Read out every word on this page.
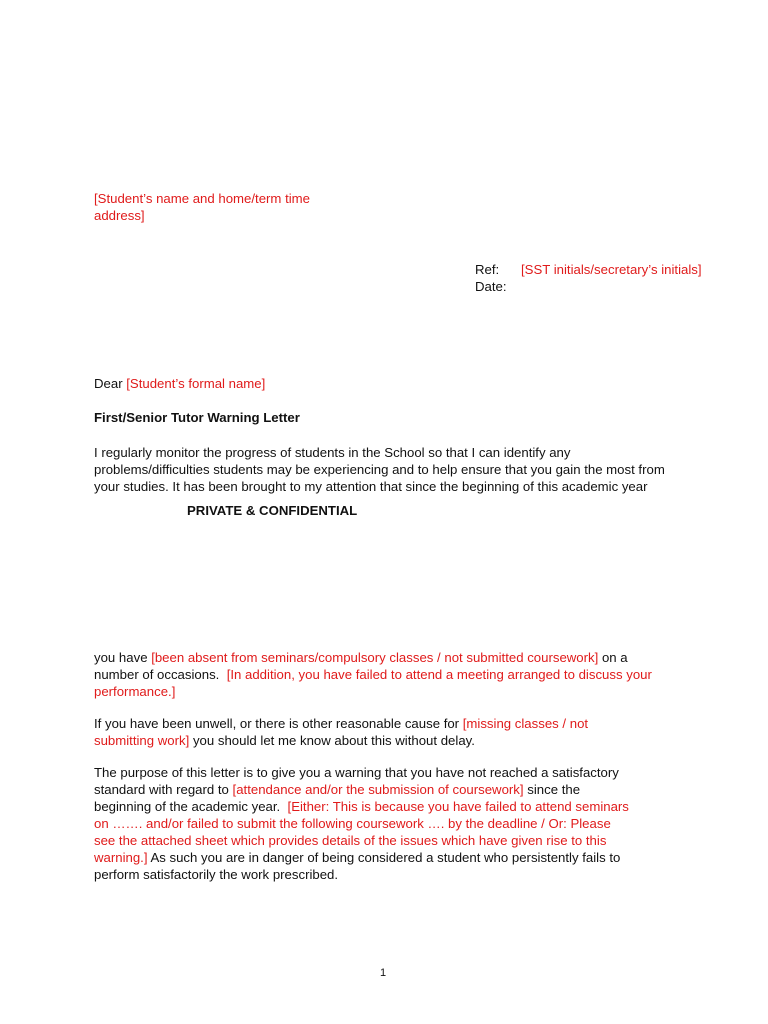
[Student’s name and home/term time
address]
Ref: [SST initials/secretary’s initials]
Date:
Dear [Student’s formal name]
First/Senior Tutor Warning Letter
I regularly monitor the progress of students in the School so that I can identify any
problems/difficulties students may be experiencing and to help ensure that you gain the most from
your studies. It has been brought to my attention that since the beginning of this academic year
PRIVATE & CONFIDENTIAL
you have [been absent from seminars/compulsory classes / not submitted coursework] on a
number of occasions.  [In addition, you have failed to attend a meeting arranged to discuss your
performance.]
If you have been unwell, or there is other reasonable cause for [missing classes / not
submitting work] you should let me know about this without delay.
The purpose of this letter is to give you a warning that you have not reached a satisfactory
standard with regard to [attendance and/or the submission of coursework] since the
beginning of the academic year.  [Either: This is because you have failed to attend seminars
on ……. and/or failed to submit the following coursework …. by the deadline / Or: Please
see the attached sheet which provides details of the issues which have given rise to this
warning.] As such you are in danger of being considered a student who persistently fails to
perform satisfactorily the work prescribed.
1
